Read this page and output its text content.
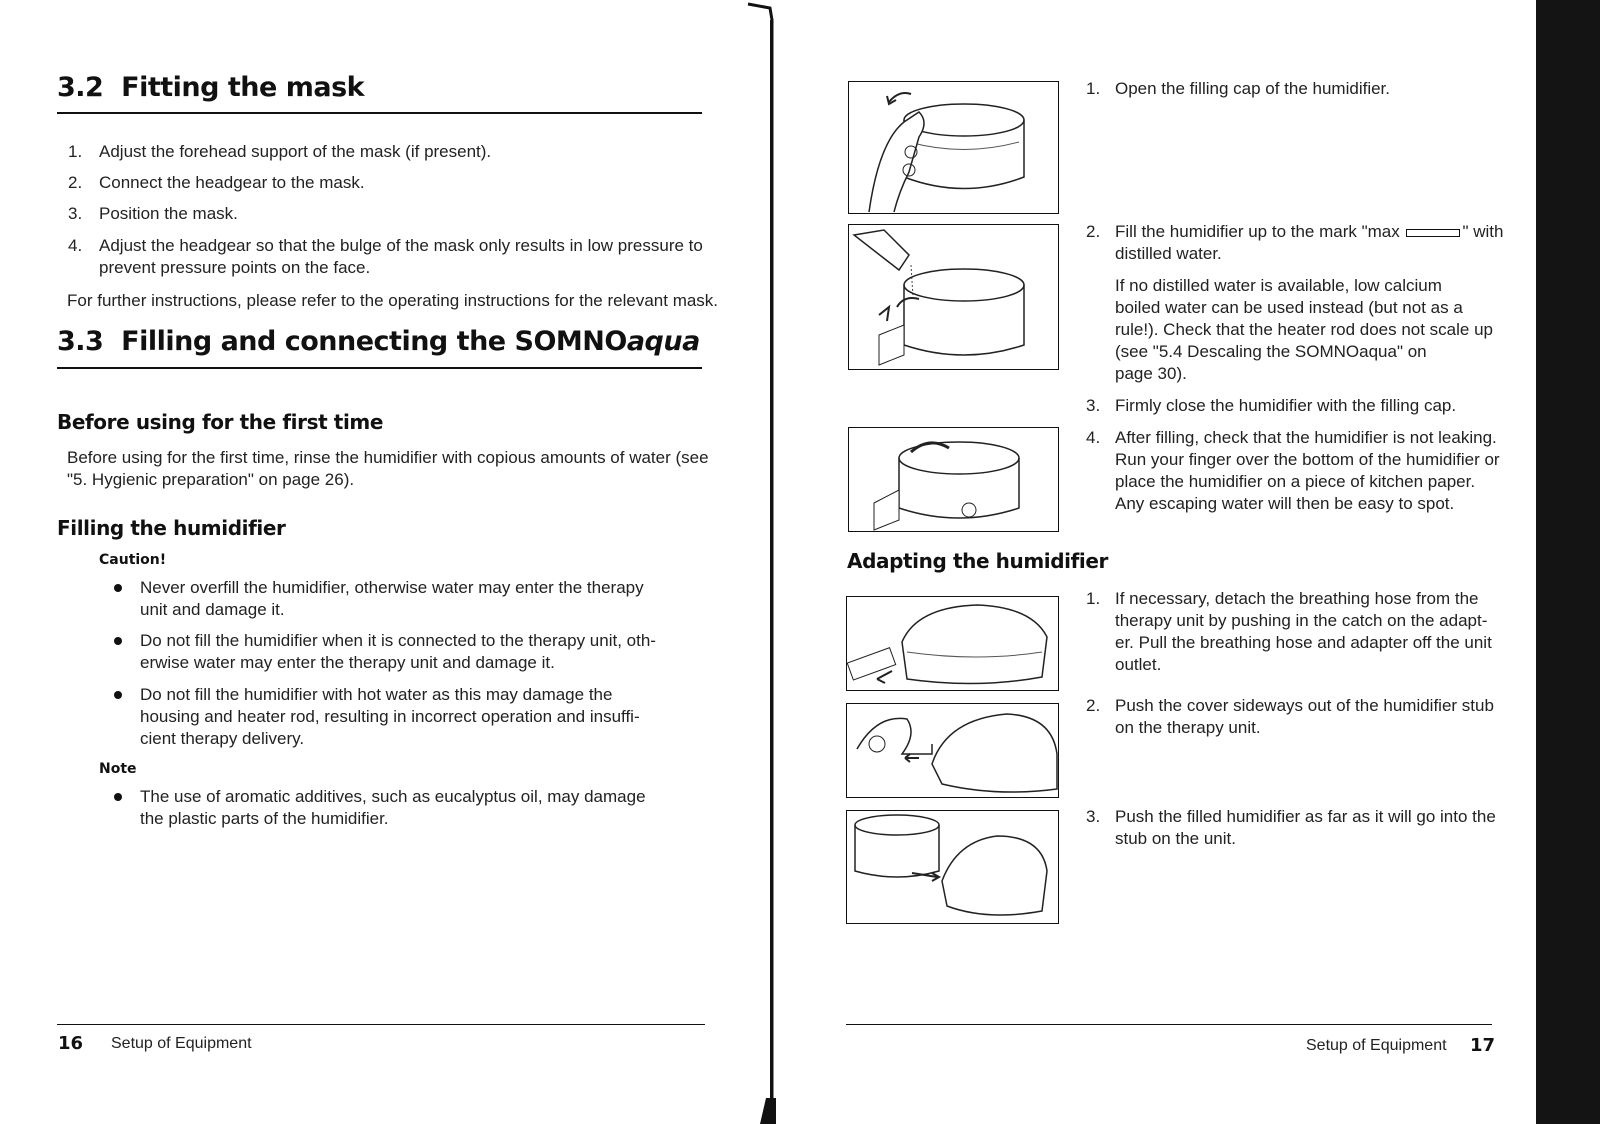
3.2 Fitting the mask
1. Adjust the forehead support of the mask (if present).
2. Connect the headgear to the mask.
3. Position the mask.
4. Adjust the headgear so that the bulge of the mask only results in low pressure to
prevent pressure points on the face.
For further instructions, please refer to the operating instructions for the relevant mask.
3.3 Filling and connecting the SOMNOaqua
Before using for the first time
Before using for the first time, rinse the humidifier with copious amounts of water (see
"5. Hygienic preparation" on page 26).
Filling the humidifier
Caution!
Never overfill the humidifier, otherwise water may enter the therapy
unit and damage it.
Do not fill the humidifier when it is connected to the therapy unit, oth-
erwise water may enter the therapy unit and damage it.
Do not fill the humidifier with hot water as this may damage the
housing and heater rod, resulting in incorrect operation and insuffi-
cient therapy delivery.
Note
The use of aromatic additives, such as eucalyptus oil, may damage
the plastic parts of the humidifier.
16 Setup of Equipment
1. Open the filling cap of the humidifier.
2. Fill the humidifier up to the mark "max	" with
distilled water.
If no distilled water is available, low calcium
boiled water can be used instead (but not as a
rule!). Check that the heater rod does not scale up
(see "5.4 Descaling the SOMNOaqua" on
page 30).
3. Firmly close the humidifier with the filling cap.
4. After filling, check that the humidifier is not leaking.
Run your finger over the bottom of the humidifier or
place the humidifier on a piece of kitchen paper.
Any escaping water will then be easy to spot.
Adapting the humidifier
1. If necessary, detach the breathing hose from the
therapy unit by pushing in the catch on the adapt-
er. Pull the breathing hose and adapter off the unit
outlet.
2. Push the cover sideways out of the humidifier stub
on the therapy unit.
3. Push the filled humidifier as far as it will go into the
stub on the unit.
Setup of Equipment 17
